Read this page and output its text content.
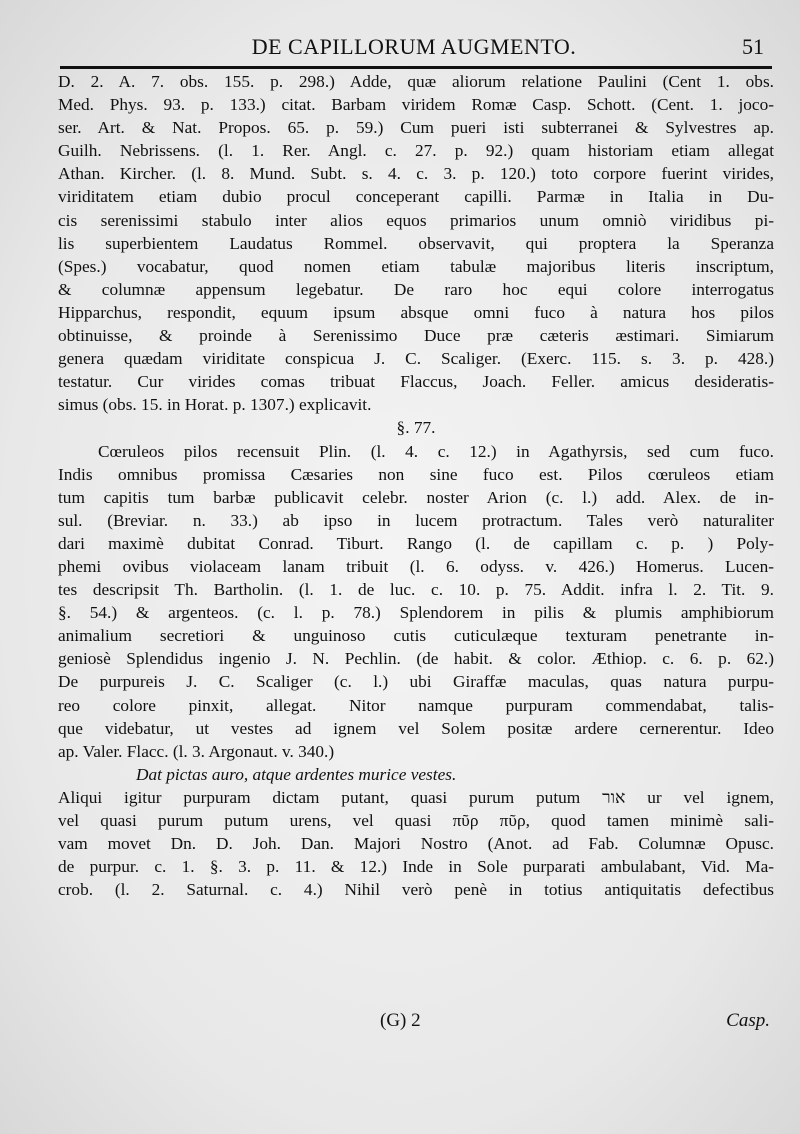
DE CAPILLORUM AUGMENTO.	51
D. 2. A. 7. obs. 155. p. 298.) Adde, quæ aliorum relatione Paulini (Cent 1. obs.
Med. Phys. 93. p. 133.) citat. Barbam viridem Romæ Casp. Schott. (Cent. 1. joco-
ser. Art. & Nat. Propos. 65. p. 59.) Cum pueri isti subterranei & Sylvestres ap.
Guilh. Nebrissens. (l. 1. Rer. Angl. c. 27. p. 92.) quam historiam etiam allegat
Athan. Kircher. (l. 8. Mund. Subt. s. 4. c. 3. p. 120.) toto corpore fuerint virides,
viriditatem etiam dubio procul conceperant capilli. Parmæ in Italia in Du-
cis serenissimi stabulo inter alios equos primarios unum omniò viridibus pi-
lis superbientem Laudatus Rommel. observavit, qui proptera la Speranza
(Spes.) vocabatur, quod nomen etiam tabulæ majoribus literis inscriptum,
& columnæ appensum legebatur. De raro hoc equi colore interrogatus
Hipparchus, respondit, equum ipsum absque omni fuco à natura hos pilos
obtinuisse, & proinde à Serenissimo Duce præ cæteris æstimari. Simiarum
genera quædam viriditate conspicua J. C. Scaliger. (Exerc. 115. s. 3. p. 428.)
testatur. Cur virides comas tribuat Flaccus, Joach. Feller. amicus desideratis-
simus (obs. 15. in Horat. p. 1307.) explicavit.
§. 77.
Cœruleos pilos recensuit Plin. (l. 4. c. 12.) in Agathyrsis, sed cum fuco.
Indis omnibus promissa Cæsaries non sine fuco est. Pilos cœruleos etiam
tum capitis tum barbæ publicavit celebr. noster Arion (c. l.) add. Alex. de in-
sul. (Breviar. n. 33.) ab ipso in lucem protractum. Tales verò naturaliter
dari maximè dubitat Conrad. Tiburt. Rango (l. de capillam c. p. ) Poly-
phemi ovibus violaceam lanam tribuit (l. 6. odyss. v. 426.) Homerus. Lucen-
tes descripsit Th. Bartholin. (l. 1. de luc. c. 10. p. 75. Addit. infra l. 2. Tit. 9.
§. 54.) & argenteos. (c. l. p. 78.) Splendorem in pilis & plumis amphibiorum
animalium secretiori & unguinoso cutis cuticulæque texturam penetrante in-
geniosè Splendidus ingenio J. N. Pechlin. (de habit. & color. Æthiop. c. 6. p. 62.)
De purpureis J. C. Scaliger (c. l.) ubi Giraffæ maculas, quas natura purpu-
reo colore pinxit, allegat. Nitor namque purpuram commendabat, talis-
que videbatur, ut vestes ad ignem vel Solem positæ ardere cernerentur. Ideo
ap. Valer. Flacc. (l. 3. Argonaut. v. 340.)
Dat pictas auro, atque ardentes murice vestes.
Aliqui igitur purpuram dictam putant, quasi purum putum אור ur vel ignem,
vel quasi purum putum urens, vel quasi πῦρ πῦρ, quod tamen minimè sali-
vam movet Dn. D. Joh. Dan. Majori Nostro (Anot. ad Fab. Columnæ Opusc.
de purpur. c. 1. §. 3. p. 11. & 12.) Inde in Sole purparati ambulabant, Vid. Ma-
crob. (l. 2. Saturnal. c. 4.) Nihil verò penè in totius antiquitatis defectibus
(G) 2	Casp.
